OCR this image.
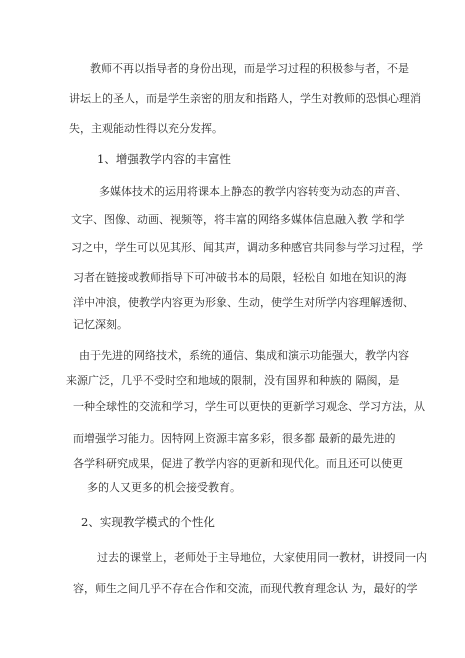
教师不再以指导者的身份出现，而是学习过程的积极参与者，不是

讲坛上的圣人，而是学生亲密的朋友和指路人，学生对教师的恐惧心理消

失，主观能动性得以充分发挥。

1、增强教学内容的丰富性

多媒体技术的运用将课本上静态的教学内容转变为动态的声音、

文字、图像、动画、视频等，将丰富的网络多媒体信息融入教 学和学

习之中，学生可以见其形、闻其声，调动多种感官共同参与学习过程，学

习者在链接或教师指导下可冲破书本的局限，轻松自 如地在知识的海

洋中冲浪，使教学内容更为形象、生动，使学生对所学内容理解透彻、

记忆深刻。

由于先进的网络技术，系统的通信、集成和演示功能强大，教学内容

来源广泛，几乎不受时空和地域的限制，没有国界和种族的 隔阂，是

一种全球性的交流和学习，学生可以更快的更新学习观念、学习方法，从

而增强学习能力。因特网上资源丰富多彩，很多都 最新的最先进的

各学科研究成果，促进了教学内容的更新和现代化。而且还可以使更

多的人又更多的机会接受教育。

2、实现教学模式的个性化

过去的课堂上，老师处于主导地位，大家使用同一教材，讲授同一内

容，师生之间几乎不存在合作和交流，而现代教育理念认 为，最好的学
